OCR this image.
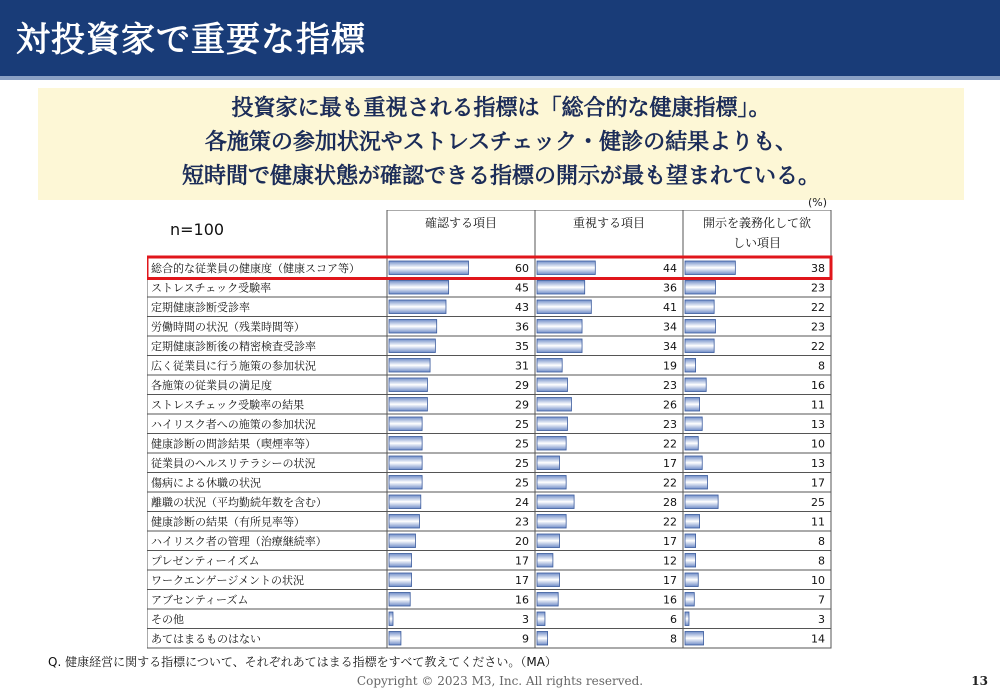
対投資家で重要な指標
投資家に最も重視される指標は「総合的な健康指標」。
各施策の参加状況やストレスチェック・健診の結果よりも、
短時間で健康状態が確認できる指標の開示が最も望まれている。
(%)
確認する項目	重視する項目	開示を義務化して欲
しい項目
総合的な従業員の健康度（健康スコア等）	60	44	38
ストレスチェック受験率	45	36	23
定期健康診断受診率	43	41	22
労働時間の状況（残業時間等）	36	34	23
定期健康診断後の精密検査受診率	35	34	22
広く従業員に行う施策の参加状況	31	19	8
各施策の従業員の満足度	29	23	16
ストレスチェック受験率の結果	29	26	11
ハイリスク者への施策の参加状況	25	23	13
健康診断の問診結果（喫煙率等）	25	22	10
従業員のヘルスリテラシーの状況	25	17	13
傷病による休職の状況	25	22	17
離職の状況（平均勤続年数を含む）	24	28	25
健康診断の結果（有所見率等）	23	22	11
ハイリスク者の管理（治療継続率）	20	17	8
プレゼンティーイズム	17	12	8
ワークエンゲージメントの状況	17	17	10
アブセンティーズム	16	16	7
その他	3	6	3
あてはまるものはない	9	8	14
n=100
Q. 健康経営に関する指標について、それぞれあてはまる指標をすべて教えてください。（MA）
Copyright © 2023 M3, Inc. All rights reserved.	13
